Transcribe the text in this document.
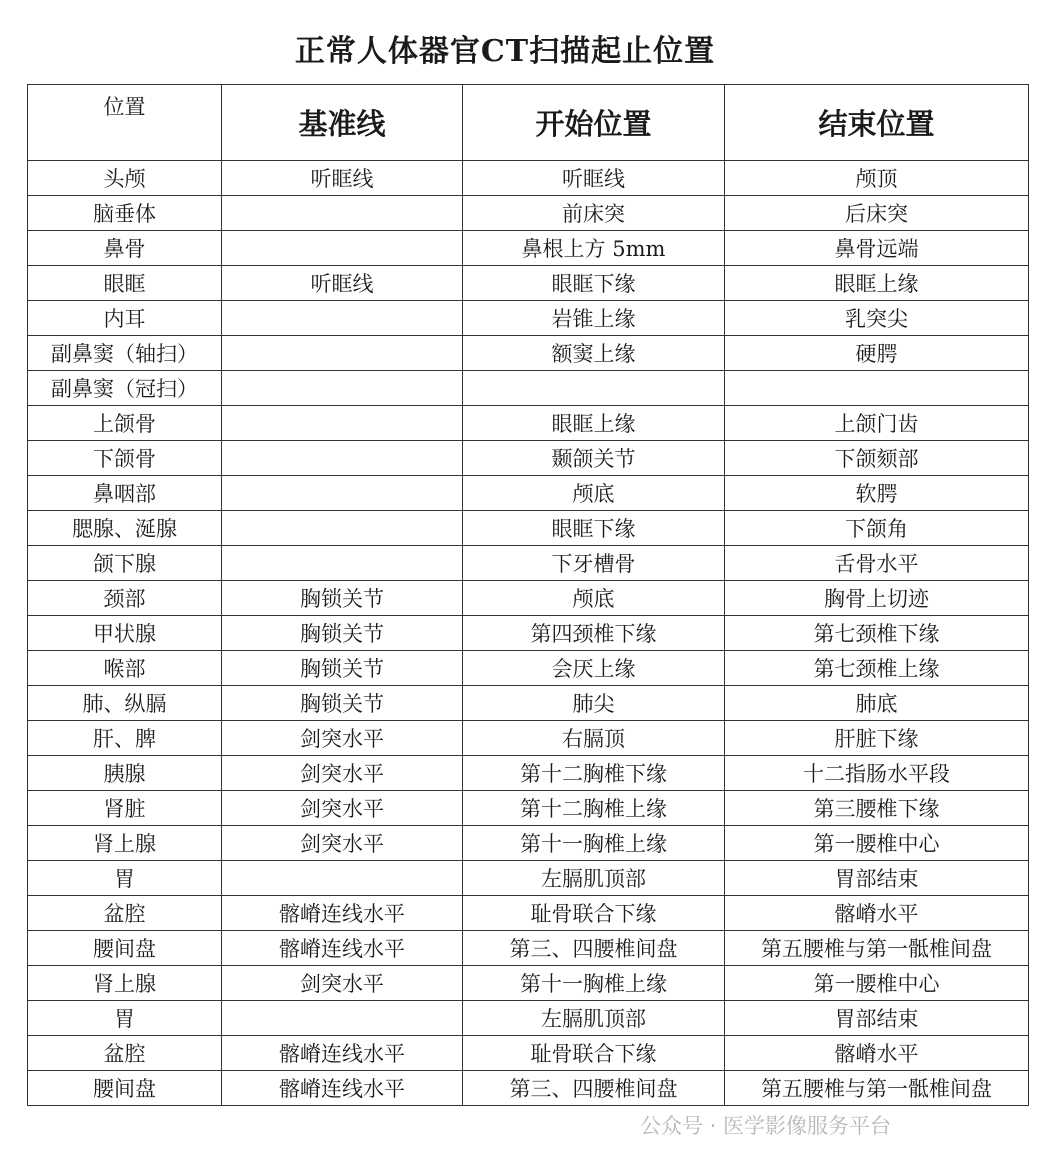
正常人体器官CT扫描起止位置
位置	基准线	开始位置	结束位置
头颅	听眶线	听眶线	颅顶
脑垂体		前床突	后床突
鼻骨		鼻根上方 5mm	鼻骨远端
眼眶	听眶线	眼眶下缘	眼眶上缘
内耳		岩锥上缘	乳突尖
副鼻窦（轴扫）		额窦上缘	硬腭
副鼻窦（冠扫）			
上颌骨		眼眶上缘	上颌门齿
下颌骨		颞颌关节	下颌颏部
鼻咽部		颅底	软腭
腮腺、涎腺		眼眶下缘	下颌角
颌下腺		下牙槽骨	舌骨水平
颈部	胸锁关节	颅底	胸骨上切迹
甲状腺	胸锁关节	第四颈椎下缘	第七颈椎下缘
喉部	胸锁关节	会厌上缘	第七颈椎上缘
肺、纵膈	胸锁关节	肺尖	肺底
肝、脾	剑突水平	右膈顶	肝脏下缘
胰腺	剑突水平	第十二胸椎下缘	十二指肠水平段
肾脏	剑突水平	第十二胸椎上缘	第三腰椎下缘
肾上腺	剑突水平	第十一胸椎上缘	第一腰椎中心
胃		左膈肌顶部	胃部结束
盆腔	髂嵴连线水平	耻骨联合下缘	髂嵴水平
腰间盘	髂嵴连线水平	第三、四腰椎间盘	第五腰椎与第一骶椎间盘
肾上腺	剑突水平	第十一胸椎上缘	第一腰椎中心
胃		左膈肌顶部	胃部结束
盆腔	髂嵴连线水平	耻骨联合下缘	髂嵴水平
腰间盘	髂嵴连线水平	第三、四腰椎间盘	第五腰椎与第一骶椎间盘
公众号 · 医学影像服务平台
